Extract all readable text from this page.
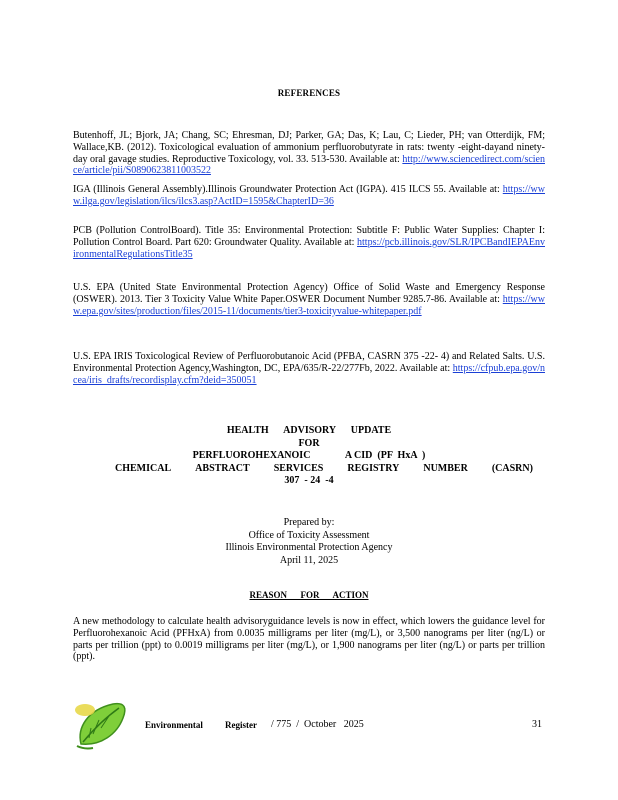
REFERENCES

Butenhoff, JL; Bjork, JA; Chang, SC; Ehresman, DJ; Parker, GA; Das, K; Lau, C; Lieder, PH; van Otterdijk, FM; Wallace,KB. (2012). Toxicological evaluation of ammonium perfluorobutyrate in rats: twenty -eight-dayand ninety-day oral gavage studies. Reproductive Toxicology, vol. 33. 513-530. Available at: http://www.sciencedirect.com/science/article/pii/S0890623811003522

IGA (Illinois General Assembly).Illinois Groundwater Protection Act (IGPA). 415 ILCS 55. Available at: https://www.ilga.gov/legislation/ilcs/ilcs3.asp?ActID=1595&ChapterID=36

PCB (Pollution ControlBoard). Title 35: Environmental Protection: Subtitle F: Public Water Supplies: Chapter I: Pollution Control Board. Part 620: Groundwater Quality. Available at: https://pcb.illinois.gov/SLR/IPCBandIEPAEnvironmentalRegulationsTitle35

U.S. EPA (United State Environmental Protection Agency) Office of Solid Waste and Emergency Response (OSWER). 2013. Tier 3 Toxicity Value White Paper.OSWER Document Number 9285.7-86. Available at: https://www.epa.gov/sites/production/files/2015-11/documents/tier3-toxicityvalue-whitepaper.pdf

U.S. EPA IRIS Toxicological Review of Perfluorobutanoic Acid (PFBA, CASRN 375 -22- 4) and Related Salts. U.S. Environmental Protection Agency,Washington, DC, EPA/635/R-22/277Fb, 2022. Available at: https://cfpub.epa.gov/ncea/iris_drafts/recordisplay.cfm?deid=350051

HEALTH      ADVISORY      UPDATE
FOR
PERFLUOROHEXANOIC              A CID  (PF  HxA  )
CHEMICAL ABSTRACT SERVICES REGISTRY NUMBER (CASRN)
307  - 24  -4
Prepared by:
Office of Toxicity Assessment
Illinois Environmental Protection Agency
April 11, 2025
REASON      FOR      ACTION

A new methodology to calculate health advisoryguidance levels is now in effect, which lowers the guidance level for Perfluorohexanoic Acid (PFHxA) from 0.0035 milligrams per liter (mg/L), or 3,500 nanograms per liter (ng/L) or parts per trillion (ppt) to 0.0019 milligrams per liter (mg/L), or 1,900 nanograms per liter (ng/L) or parts per trillion (ppt).

Environmental Register / 775  /  October   2025	31
